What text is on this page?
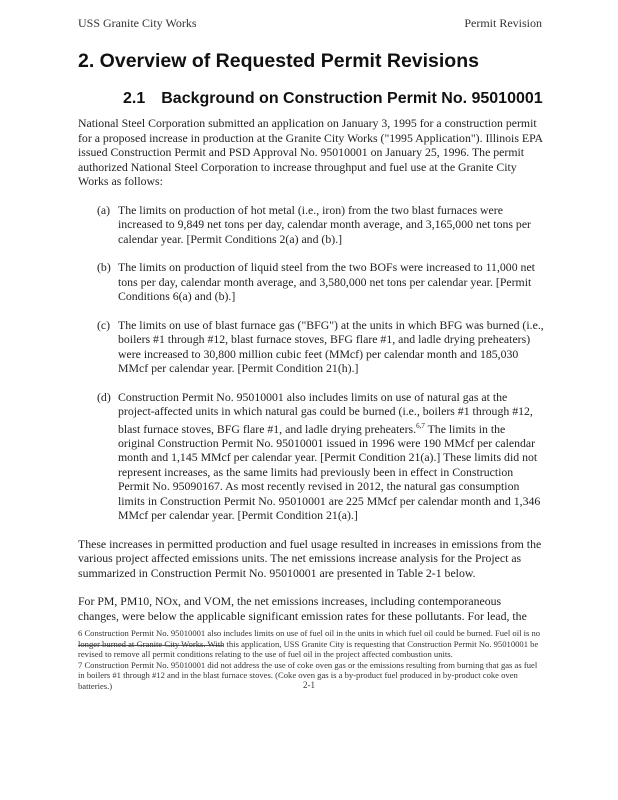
USS Granite City Works	Permit Revision
2. Overview of Requested Permit Revisions
2.1 Background on Construction Permit No. 95010001

National Steel Corporation submitted an application on January 3, 1995 for a construction permit for a proposed increase in production at the Granite City Works ("1995 Application"). Illinois EPA issued Construction Permit and PSD Approval No. 95010001 on January 25, 1996. The permit authorized National Steel Corporation to increase throughput and fuel use at the Granite City Works as follows:

(a) The limits on production of hot metal (i.e., iron) from the two blast furnaces were increased to 9,849 net tons per day, calendar month average, and 3,165,000 net tons per calendar year. [Permit Conditions 2(a) and (b).]
(b) The limits on production of liquid steel from the two BOFs were increased to 11,000 net tons per day, calendar month average, and 3,580,000 net tons per calendar year. [Permit Conditions 6(a) and (b).]
(c) The limits on use of blast furnace gas ("BFG") at the units in which BFG was burned (i.e., boilers #1 through #12, blast furnace stoves, BFG flare #1, and ladle drying preheaters) were increased to 30,800 million cubic feet (MMcf) per calendar month and 185,030 MMcf per calendar year. [Permit Condition 21(h).]
(d) Construction Permit No. 95010001 also includes limits on use of natural gas at the project-affected units in which natural gas could be burned (i.e., boilers #1 through #12, blast furnace stoves, BFG flare #1, and ladle drying preheaters.$^{6,7}$ The limits in the original Construction Permit No. 95010001 issued in 1996 were 190 MMcf per calendar month and 1,145 MMcf per calendar year. [Permit Condition 21(a).] These limits did not represent increases, as the same limits had previously been in effect in Construction Permit No. 95090167. As most recently revised in 2012, the natural gas consumption limits in Construction Permit No. 95010001 are 225 MMcf per calendar month and 1,346 MMcf per calendar year. [Permit Condition 21(a).]

These increases in permitted production and fuel usage resulted in increases in emissions from the various project affected emissions units. The net emissions increase analysis for the Project as summarized in Construction Permit No. 95010001 are presented in Table 2-1 below.

For PM, PM10, NOx, and VOM, the net emissions increases, including contemporaneous changes, were below the applicable significant emission rates for these pollutants. For lead, the

6 Construction Permit No. 95010001 also includes limits on use of fuel oil in the units in which fuel oil could be burned. Fuel oil is no longer burned at Granite City Works. With this application, USS Granite City is requesting that Construction Permit No. 95010001 be revised to remove all permit conditions relating to the use of fuel oil in the project affected combustion units.

7 Construction Permit No. 95010001 did not address the use of coke oven gas or the emissions resulting from burning that gas as fuel in boilers #1 through #12 and in the blast furnace stoves. (Coke oven gas is a by-product fuel produced in by-product coke oven batteries.)	2-1
